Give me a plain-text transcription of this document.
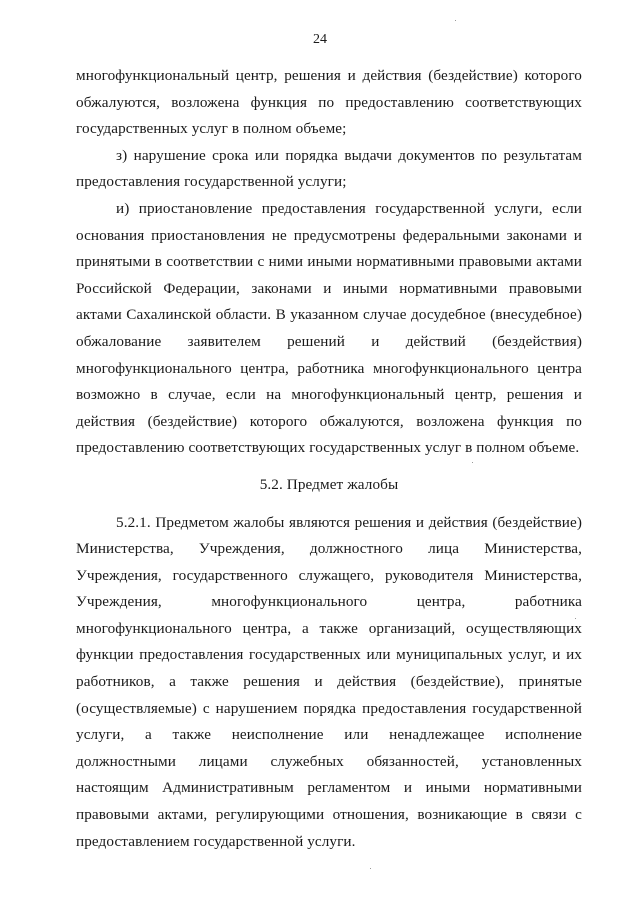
24

многофункциональный центр, решения и действия (бездействие) которого обжалуются, возложена функция по предоставлению соответствующих государственных услуг в полном объеме;

з) нарушение срока или порядка выдачи документов по результатам предоставления государственной услуги;

и) приостановление предоставления государственной услуги, если основания приостановления не предусмотрены федеральными законами и принятыми в соответствии с ними иными нормативными правовыми актами Российской Федерации, законами и иными нормативными правовыми актами Сахалинской области. В указанном случае досудебное (внесудебное) обжалование заявителем решений и действий (бездействия) многофункционального центра, работника многофункционального центра возможно в случае, если на многофункциональный центр, решения и действия (бездействие) которого обжалуются, возложена функция по предоставлению соответствующих государственных услуг в полном объеме.

5.2. Предмет жалобы

5.2.1. Предметом жалобы являются решения и действия (бездействие) Министерства, Учреждения, должностного лица Министерства, Учреждения, государственного служащего, руководителя Министерства, Учреждения, многофункционального центра, работника многофункционального центра, а также организаций, осуществляющих функции предоставления государственных или муниципальных услуг, и их работников, а также решения и действия (бездействие), принятые (осуществляемые) с нарушением порядка предоставления государственной услуги, а также неисполнение или ненадлежащее исполнение должностными лицами служебных обязанностей, установленных настоящим Административным регламентом и иными нормативными правовыми актами, регулирующими отношения, возникающие в связи с предоставлением государственной услуги.
